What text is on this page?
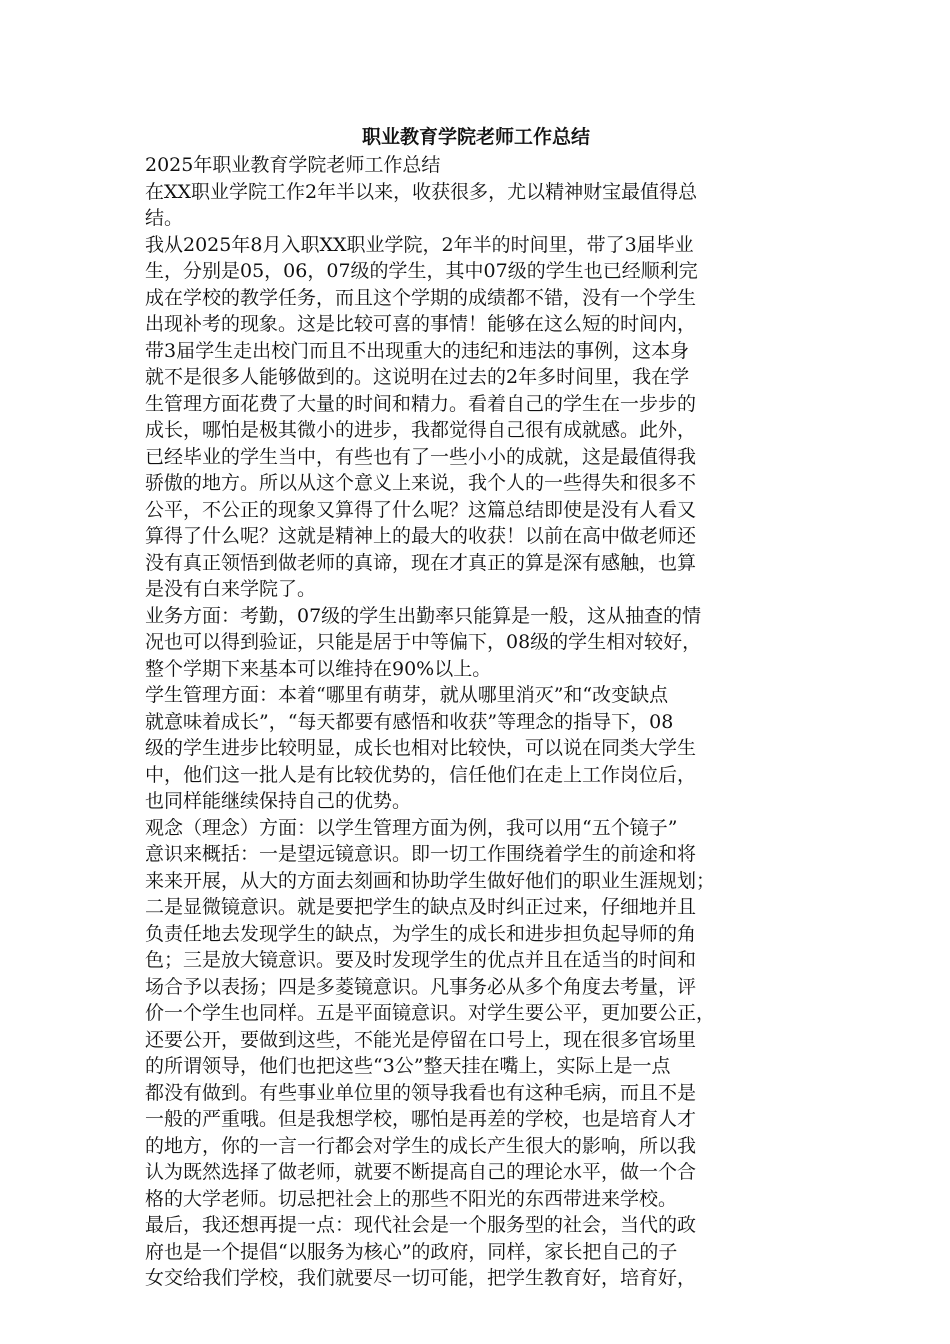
职业教育学院老师工作总结

2025年职业教育学院老师工作总结

在XX职业学院工作2年半以来，收获很多，尤以精神财宝最值得总

结。

我从2025年8月入职XX职业学院，2年半的时间里，带了3届毕业

生，分别是05，06，07级的学生，其中07级的学生也已经顺利完

成在学校的教学任务，而且这个学期的成绩都不错，没有一个学生

出现补考的现象。这是比较可喜的事情！能够在这么短的时间内，

带3届学生走出校门而且不出现重大的违纪和违法的事例，这本身

就不是很多人能够做到的。这说明在过去的2年多时间里，我在学

生管理方面花费了大量的时间和精力。看着自己的学生在一步步的

成长，哪怕是极其微小的进步，我都觉得自己很有成就感。此外，

已经毕业的学生当中，有些也有了一些小小的成就，这是最值得我

骄傲的地方。所以从这个意义上来说，我个人的一些得失和很多不

公平，不公正的现象又算得了什么呢？这篇总结即使是没有人看又

算得了什么呢？这就是精神上的最大的收获！以前在高中做老师还

没有真正领悟到做老师的真谛，现在才真正的算是深有感触，也算

是没有白来学院了。

业务方面：考勤，07级的学生出勤率只能算是一般，这从抽查的情

况也可以得到验证，只能是居于中等偏下，08级的学生相对较好，

整个学期下来基本可以维持在90%以上。

学生管理方面：本着“哪里有萌芽，就从哪里消灭”和“改变缺点

就意味着成长”，“每天都要有感悟和收获”等理念的指导下，08

级的学生进步比较明显，成长也相对比较快，可以说在同类大学生

中，他们这一批人是有比较优势的，信任他们在走上工作岗位后，

也同样能继续保持自己的优势。

观念（理念）方面：以学生管理方面为例，我可以用“五个镜子”

意识来概括：一是望远镜意识。即一切工作围绕着学生的前途和将

来来开展，从大的方面去刻画和协助学生做好他们的职业生涯规划；

二是显微镜意识。就是要把学生的缺点及时纠正过来，仔细地并且

负责任地去发现学生的缺点，为学生的成长和进步担负起导师的角

色；三是放大镜意识。要及时发现学生的优点并且在适当的时间和

场合予以表扬；四是多菱镜意识。凡事务必从多个角度去考量，评

价一个学生也同样。五是平面镜意识。对学生要公平，更加要公正，

还要公开，要做到这些，不能光是停留在口号上，现在很多官场里

的所谓领导，他们也把这些“3公”整天挂在嘴上，实际上是一点

都没有做到。有些事业单位里的领导我看也有这种毛病，而且不是

一般的严重哦。但是我想学校，哪怕是再差的学校，也是培育人才

的地方，你的一言一行都会对学生的成长产生很大的影响，所以我

认为既然选择了做老师，就要不断提高自己的理论水平，做一个合

格的大学老师。切忌把社会上的那些不阳光的东西带进来学校。

最后，我还想再提一点：现代社会是一个服务型的社会，当代的政

府也是一个提倡“以服务为核心”的政府，同样，家长把自己的子

女交给我们学校，我们就要尽一切可能，把学生教育好，培育好，
